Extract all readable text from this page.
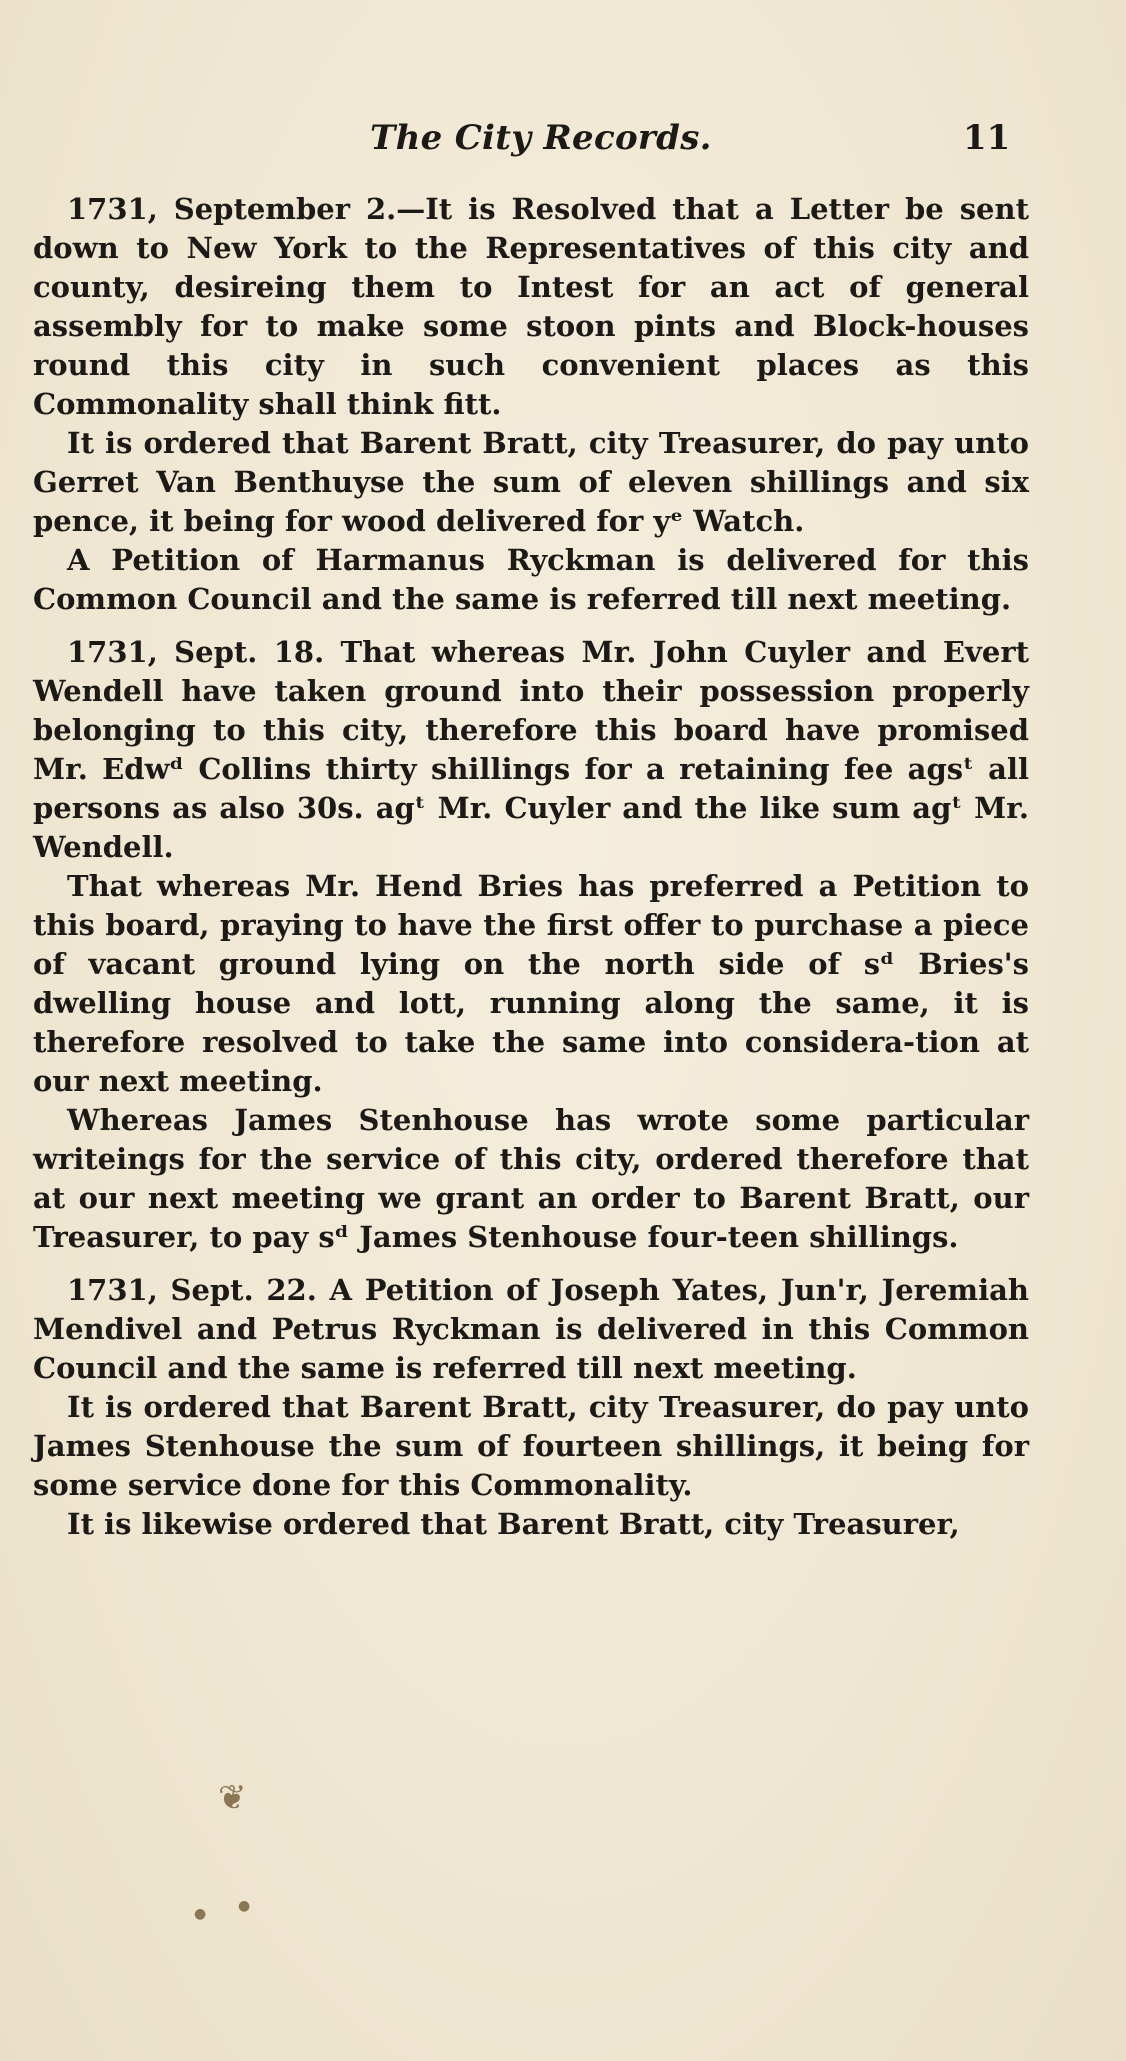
The City Records.	11

1731, September 2.—It is Resolved that a Letter be sent down to New York to the Representatives of this city and county, desireing them to Intest for an act of general assembly for to make some stoon pints and Block-houses round this city in such convenient places as this Commonality shall think fitt.

It is ordered that Barent Bratt, city Treasurer, do pay unto Gerret Van Benthuyse the sum of eleven shillings and six pence, it being for wood delivered for yᵉ Watch.

A Petition of Harmanus Ryckman is delivered for this Common Council and the same is referred till next meeting.

1731, Sept. 18. That whereas Mr. John Cuyler and Evert Wendell have taken ground into their possession properly belonging to this city, therefore this board have promised Mr. Edwᵈ Collins thirty shillings for a retaining fee agsᵗ all persons as also 30s. agᵗ Mr. Cuyler and the like sum agᵗ Mr. Wendell.

That whereas Mr. Hend Bries has preferred a Petition to this board, praying to have the first offer to purchase a piece of vacant ground lying on the north side of sᵈ Bries's dwelling house and lott, running along the same, it is therefore resolved to take the same into considera-tion at our next meeting.

Whereas James Stenhouse has wrote some particular writeings for the service of this city, ordered therefore that at our next meeting we grant an order to Barent Bratt, our Treasurer, to pay sᵈ James Stenhouse four-teen shillings.

1731, Sept. 22. A Petition of Joseph Yates, Jun'r, Jeremiah Mendivel and Petrus Ryckman is delivered in this Common Council and the same is referred till next meeting.

It is ordered that Barent Bratt, city Treasurer, do pay unto James Stenhouse the sum of fourteen shillings, it being for some service done for this Commonality.

It is likewise ordered that Barent Bratt, city Treasurer,

❦
● ●
